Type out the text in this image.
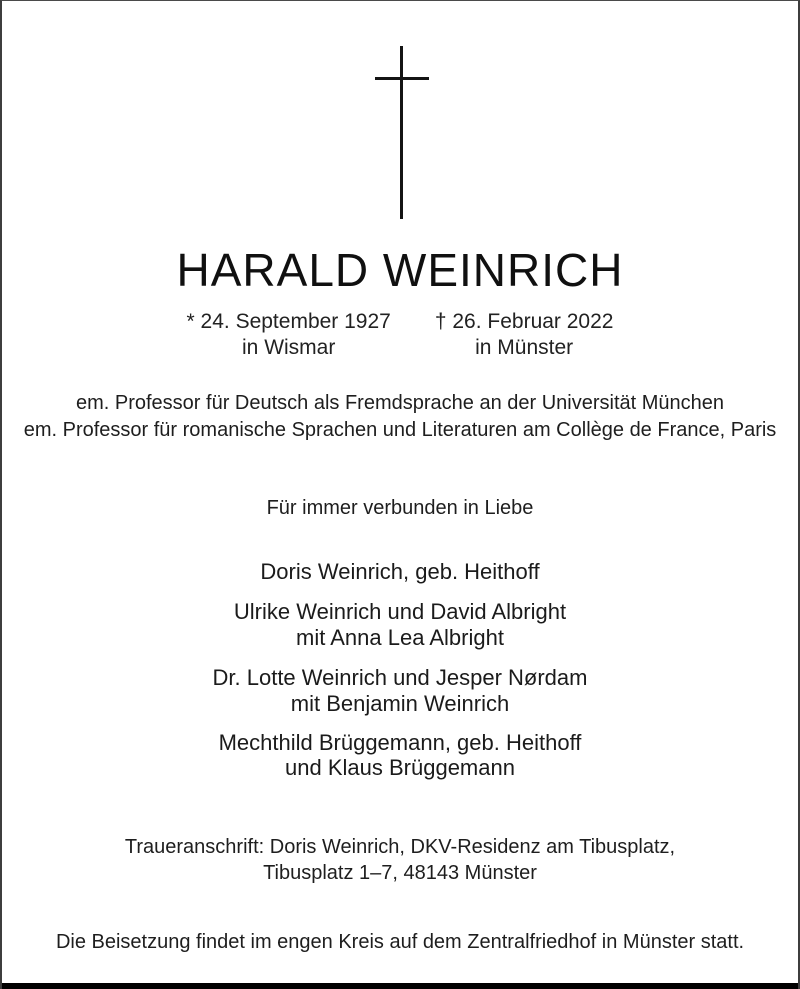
HARALD WEINRICH
* 24. September 1927
in Wismar
† 26. Februar 2022
in Münster
em. Professor für Deutsch als Fremdsprache an der Universität München
em. Professor für romanische Sprachen und Literaturen am Collège de France, Paris
Für immer verbunden in Liebe
Doris Weinrich, geb. Heithoff
Ulrike Weinrich und David Albright
mit Anna Lea Albright
Dr. Lotte Weinrich und Jesper Nørdam
mit Benjamin Weinrich
Mechthild Brüggemann, geb. Heithoff
und Klaus Brüggemann
Traueranschrift: Doris Weinrich, DKV-Residenz am Tibusplatz,
Tibusplatz 1–7, 48143 Münster
Die Beisetzung findet im engen Kreis auf dem Zentralfriedhof in Münster statt.
